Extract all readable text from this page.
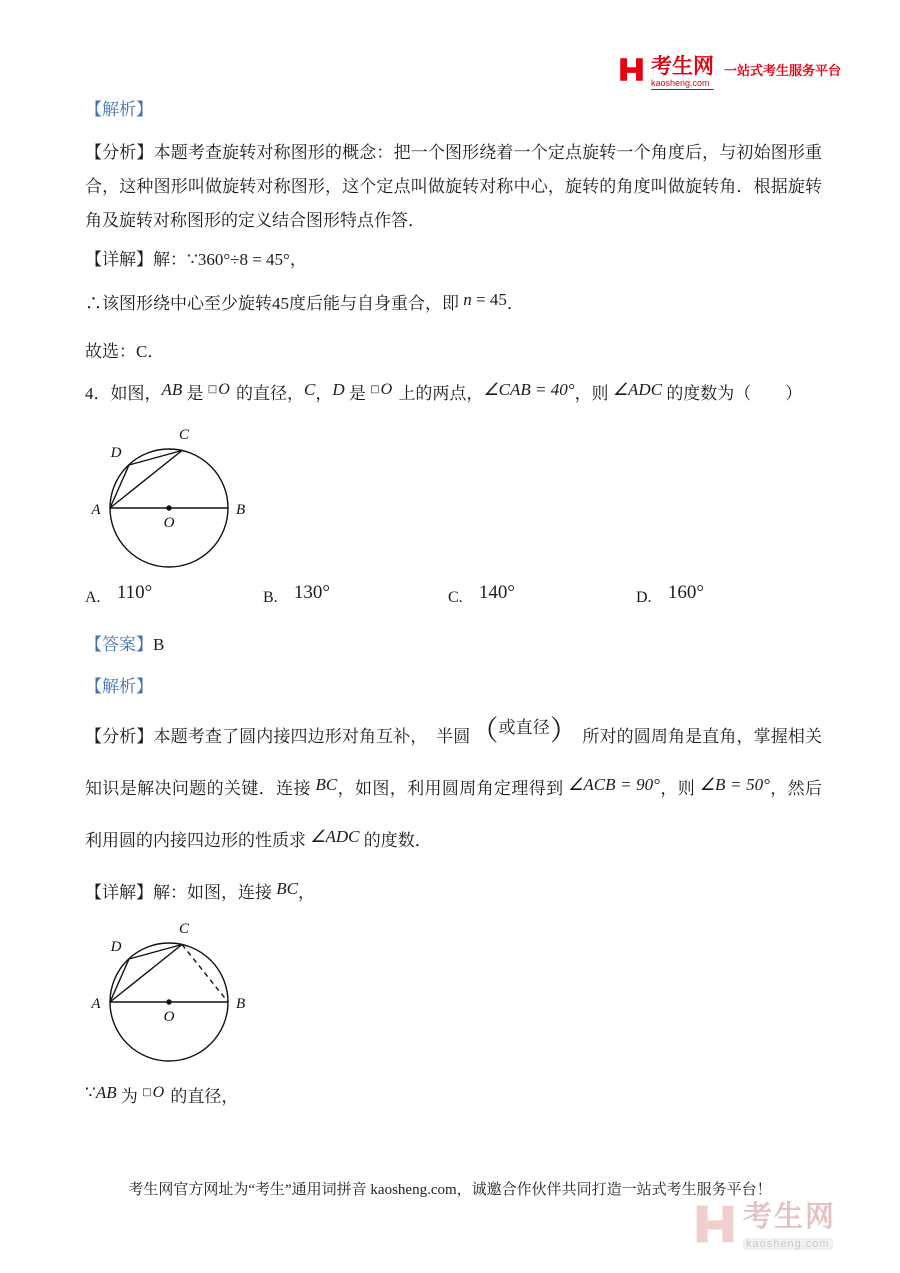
考生网
kaosheng.com
一站式考生服务平台
【解析】
【分析】本题考查旋转对称图形的概念：把一个图形绕着一个定点旋转一个角度后，与初始图形重合，这种图形叫做旋转对称图形，这个定点叫做旋转对称中心，旋转的角度叫做旋转角．根据旋转角及旋转对称图形的定义结合图形特点作答．
【详解】解：∵360°÷8 = 45°，
∴该图形绕中心至少旋转45度后能与自身重合，即 n = 45．
故选：C．
4．如图，AB 是 □O 的直径，C，D 是 □O 上的两点，∠CAB = 40°，则 ∠ADC 的度数为（　　）
A	B
C
D
O
A. 110°	B. 130°	C. 140°	D. 160°
【答案】B
【解析】
【分析】本题考查了圆内接四边形对角互补，　半圆（或直径） 所对的圆周角是直角，掌握相关知识是解决问题的关键．连接 BC，如图，利用圆周角定理得到 ∠ACB = 90°，则 ∠B = 50°，然后利用圆的内接四边形的性质求 ∠ADC 的度数．
【详解】解：如图，连接 BC，
A	B
C
D
O
∵AB 为 □O 的直径，
考生网官方网址为“考生”通用词拼音 kaosheng.com，诚邀合作伙伴共同打造一站式考生服务平台！
考生网
kaosheng.com
